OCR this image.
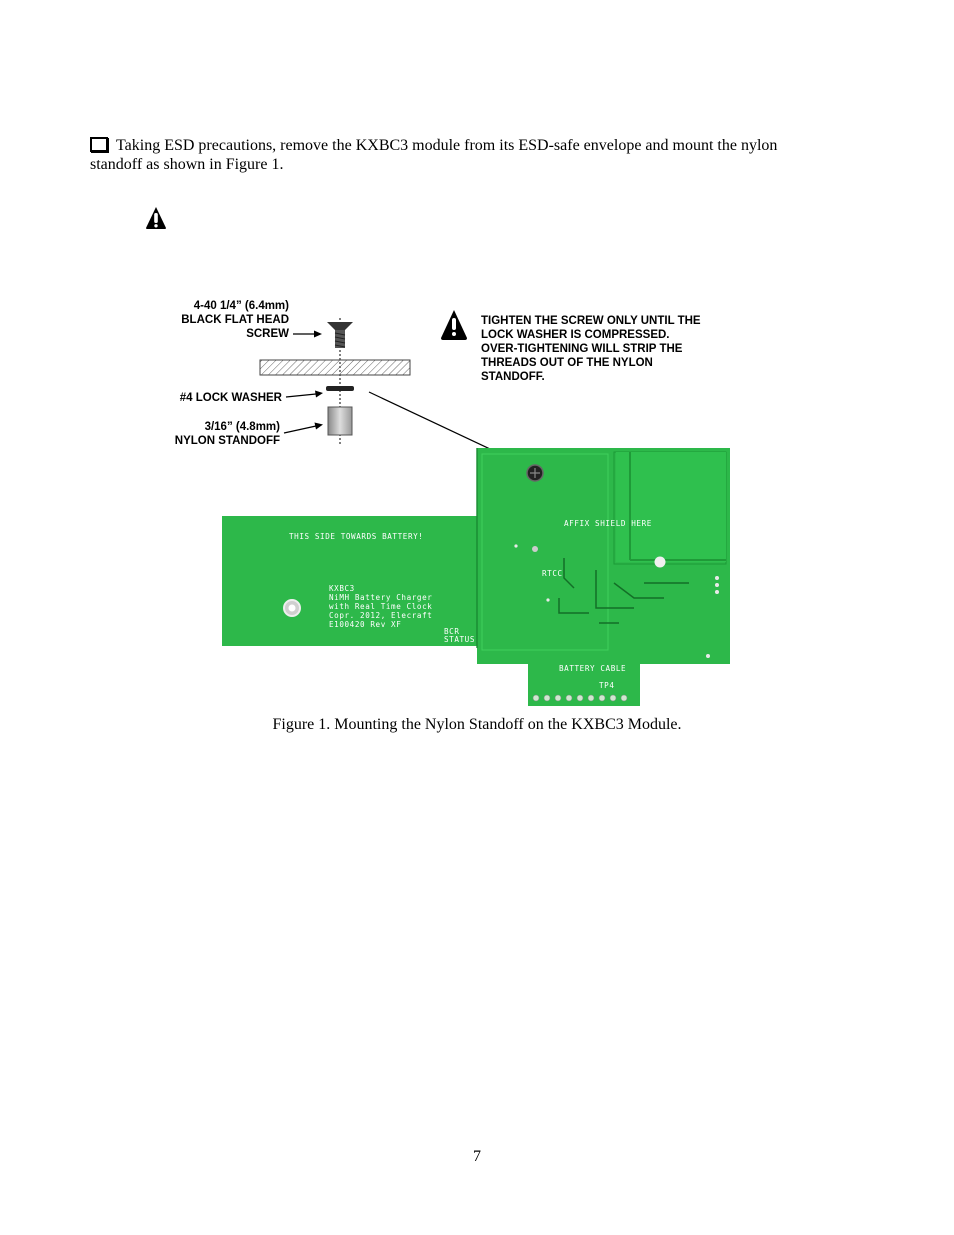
Taking ESD precautions, remove the KXBC3 module from its ESD-safe envelope and mount the nylon standoff as shown in Figure 1.
4-40 1/4” (6.4mm)
BLACK FLAT HEAD
SCREW
#4 LOCK WASHER
3/16” (4.8mm)
NYLON STANDOFF
TIGHTEN THE SCREW ONLY UNTIL THE
LOCK WASHER IS COMPRESSED.
OVER-TIGHTENING WILL STRIP THE
THREADS OUT OF THE NYLON
STANDOFF.
THIS SIDE TOWARDS BATTERY!
AFFIX SHIELD HERE
RTCC
KXBC3
NiMH Battery Charger
with Real Time Clock
Copr. 2012, Elecraft
E100420 Rev XF
BCR
STATUS
BATTERY CABLE
TP4
Figure 1. Mounting the Nylon Standoff on the KXBC3 Module.
7
